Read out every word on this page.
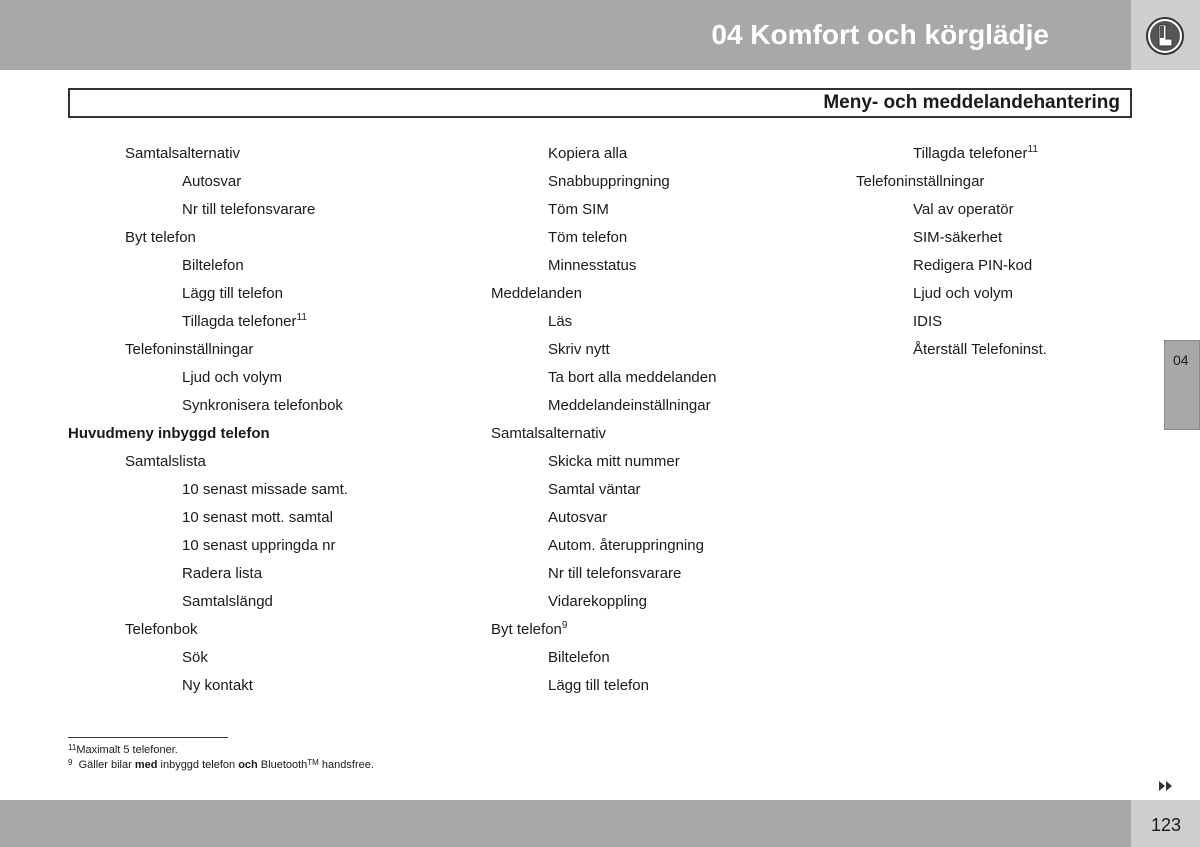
04 Komfort och körglädje
Meny- och meddelandehantering
Samtalsalternativ
Autosvar
Nr till telefonsvarare
Byt telefon
Biltelefon
Lägg till telefon
Tillagda telefoner$^{11}$
Telefoninställningar
Ljud och volym
Synkronisera telefonbok
Huvudmeny inbyggd telefon
Samtalslista
10 senast missade samt.
10 senast mott. samtal
10 senast uppringda nr
Radera lista
Samtalslängd
Telefonbok
Sök
Ny kontakt
Kopiera alla
Snabbuppringning
Töm SIM
Töm telefon
Minnesstatus
Meddelanden
Läs
Skriv nytt
Ta bort alla meddelanden
Meddelandeinställningar
Samtalsalternativ
Skicka mitt nummer
Samtal väntar
Autosvar
Autom. återuppringning
Nr till telefonsvarare
Vidarekoppling
Byt telefon$^9$
Biltelefon
Lägg till telefon
Tillagda telefoner$^{11}$
Telefoninställningar
Val av operatör
SIM-säkerhet
Redigera PIN-kod
Ljud och volym
IDIS
Återställ Telefoninst.
$^{11}$Maximalt 5 telefoner.
$^9$ Gäller bilar med inbyggd telefon och Bluetooth™ handsfree.
04
123
